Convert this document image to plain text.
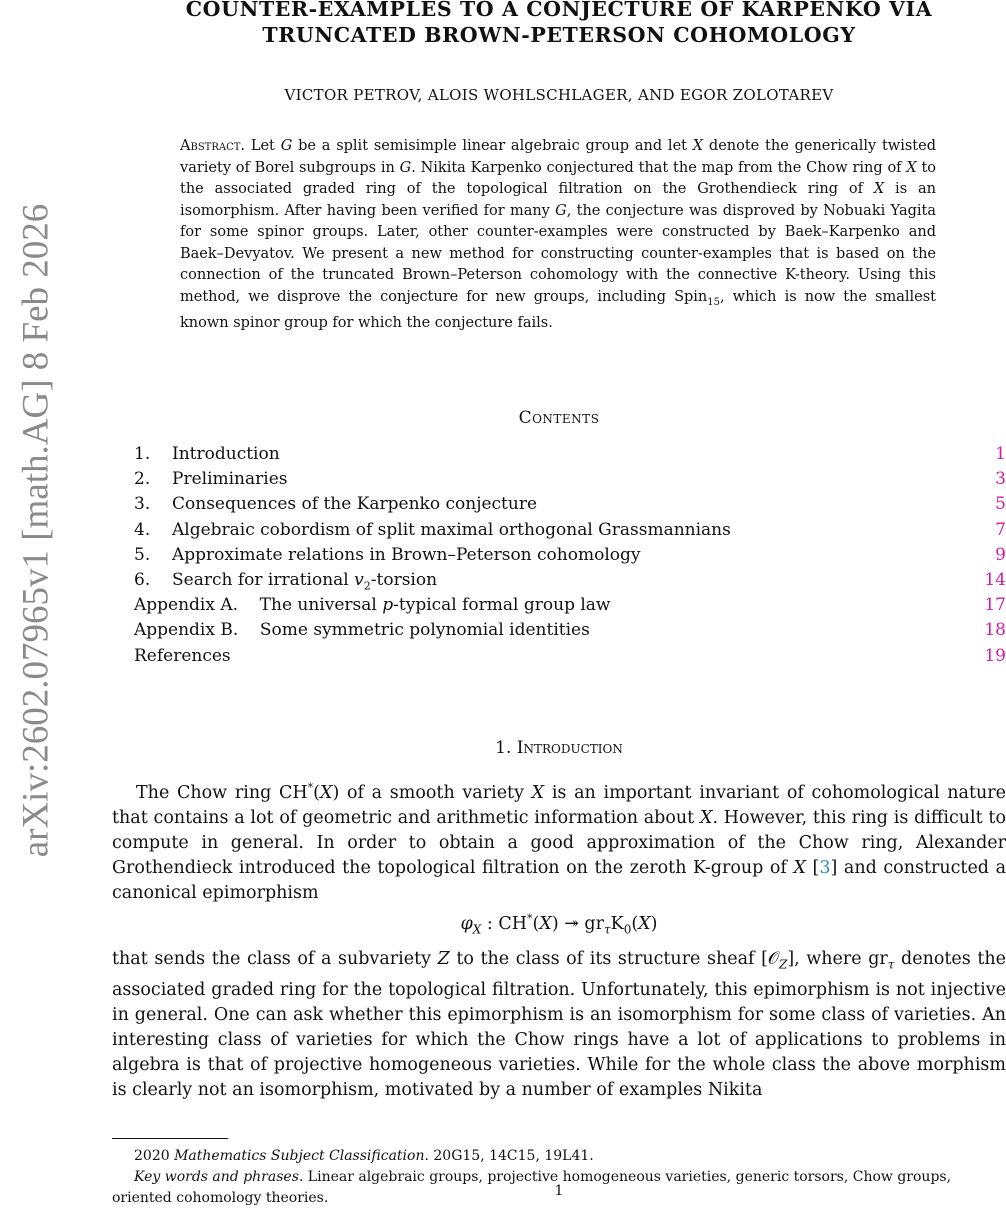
arXiv:2602.07965v1 [math.AG] 8 Feb 2026
COUNTER-EXAMPLES TO A CONJECTURE OF KARPENKO VIA
TRUNCATED BROWN-PETERSON COHOMOLOGY
VICTOR PETROV, ALOIS WOHLSCHLAGER, AND EGOR ZOLOTAREV
Abstract. Let G be a split semisimple linear algebraic group and let X denote the generically twisted variety of Borel subgroups in G. Nikita Karpenko conjectured that the map from the Chow ring of X to the associated graded ring of the topological filtration on the Grothendieck ring of X is an isomorphism. After having been verified for many G, the conjecture was disproved by Nobuaki Yagita for some spinor groups. Later, other counter-examples were constructed by Baek–Karpenko and Baek–Devyatov. We present a new method for constructing counter-examples that is based on the connection of the truncated Brown–Peterson cohomology with the connective K-theory. Using this method, we disprove the conjecture for new groups, including Spin$_{15}$, which is now the smallest known spinor group for which the conjecture fails.
Contents
1.	Introduction	1
2.	Preliminaries	3
3.	Consequences of the Karpenko conjecture	5
4.	Algebraic cobordism of split maximal orthogonal Grassmannians	7
5.	Approximate relations in Brown–Peterson cohomology	9
6.	Search for irrational $v_2$-torsion	14
Appendix A.    The universal p-typical formal group law	17
Appendix B.    Some symmetric polynomial identities	18
References	19
1. Introduction
The Chow ring CH*(X) of a smooth variety X is an important invariant of cohomological nature that contains a lot of geometric and arithmetic information about X. However, this ring is difficult to compute in general. In order to obtain a good approximation of the Chow ring, Alexander Grothendieck introduced the topological filtration on the zeroth K-group of X [3] and constructed a canonical epimorphism
$\varphi_X$ : CH*(X) ↠ $gr_\tau K_0(X)$
that sends the class of a subvariety Z to the class of its structure sheaf [𝒪$_Z$], where $gr_\tau$ denotes the associated graded ring for the topological filtration. Unfortunately, this epimorphism is not injective in general. One can ask whether this epimorphism is an isomorphism for some class of varieties. An interesting class of varieties for which the Chow rings have a lot of applications to problems in algebra is that of projective homogeneous varieties. While for the whole class the above morphism is clearly not an isomorphism, motivated by a number of examples Nikita
2020 Mathematics Subject Classification. 20G15, 14C15, 19L41.
Key words and phrases. Linear algebraic groups, projective homogeneous varieties, generic torsors, Chow groups, oriented cohomology theories.	1
